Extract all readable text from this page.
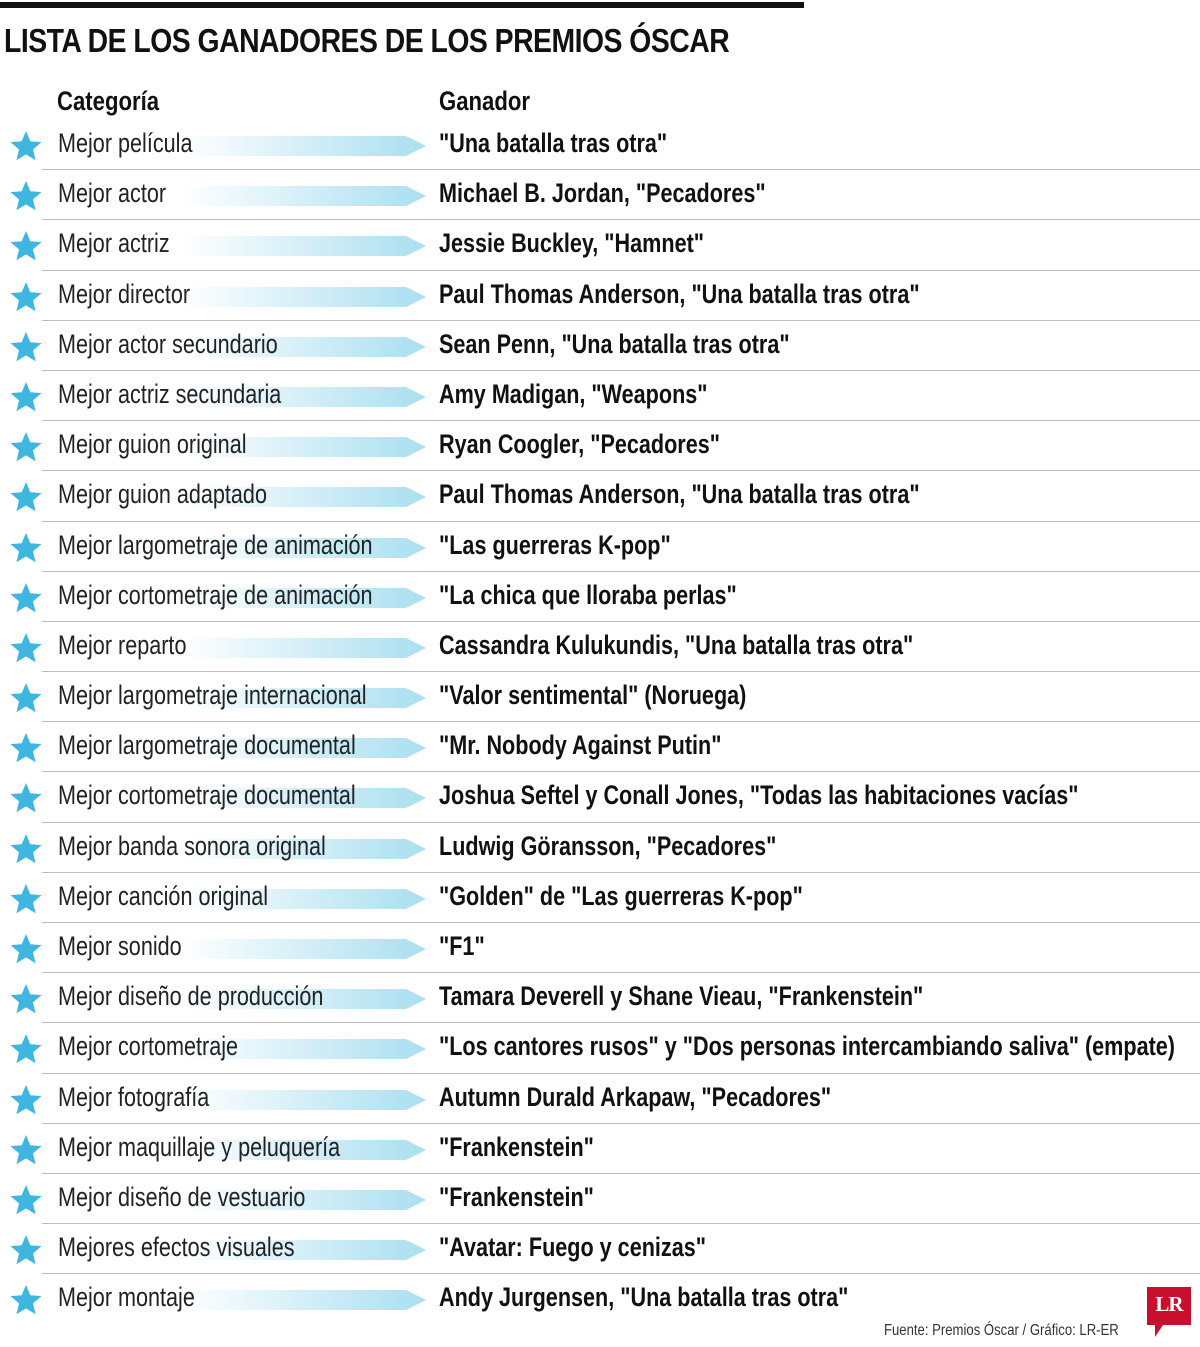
LISTA DE LOS GANADORES DE LOS PREMIOS ÓSCAR
Categoría	Ganador
Mejor película	"Una batalla tras otra"
Mejor actor	Michael B. Jordan, "Pecadores"
Mejor actriz	Jessie Buckley, "Hamnet"
Mejor director	Paul Thomas Anderson, "Una batalla tras otra"
Mejor actor secundario	Sean Penn, "Una batalla tras otra"
Mejor actriz secundaria	Amy Madigan, "Weapons"
Mejor guion original	Ryan Coogler, "Pecadores"
Mejor guion adaptado	Paul Thomas Anderson, "Una batalla tras otra"
Mejor largometraje de animación "Las guerreras K-pop"
Mejor cortometraje de animación "La chica que lloraba perlas"
Mejor reparto	Cassandra Kulukundis, "Una batalla tras otra"
Mejor largometraje internacional	"Valor sentimental" (Noruega)
Mejor largometraje documental	"Mr. Nobody Against Putin"
Mejor cortometraje documental	Joshua Seftel y Conall Jones, "Todas las habitaciones vacías"
Mejor banda sonora original	Ludwig Göransson, "Pecadores"
Mejor canción original	"Golden" de "Las guerreras K-pop"
Mejor sonido	"F1"
Mejor diseño de producción	Tamara Deverell y Shane Vieau, "Frankenstein"
Mejor cortometraje	"Los cantores rusos" y "Dos personas intercambiando saliva" (empate)
Mejor fotografía	Autumn Durald Arkapaw, "Pecadores"
Mejor maquillaje y peluquería	"Frankenstein"
Mejor diseño de vestuario	"Frankenstein"
Mejores efectos visuales	"Avatar: Fuego y cenizas"
Mejor montaje	Andy Jurgensen, "Una batalla tras otra"
Fuente: Premios Óscar / Gráfico: LR-ER
LR
